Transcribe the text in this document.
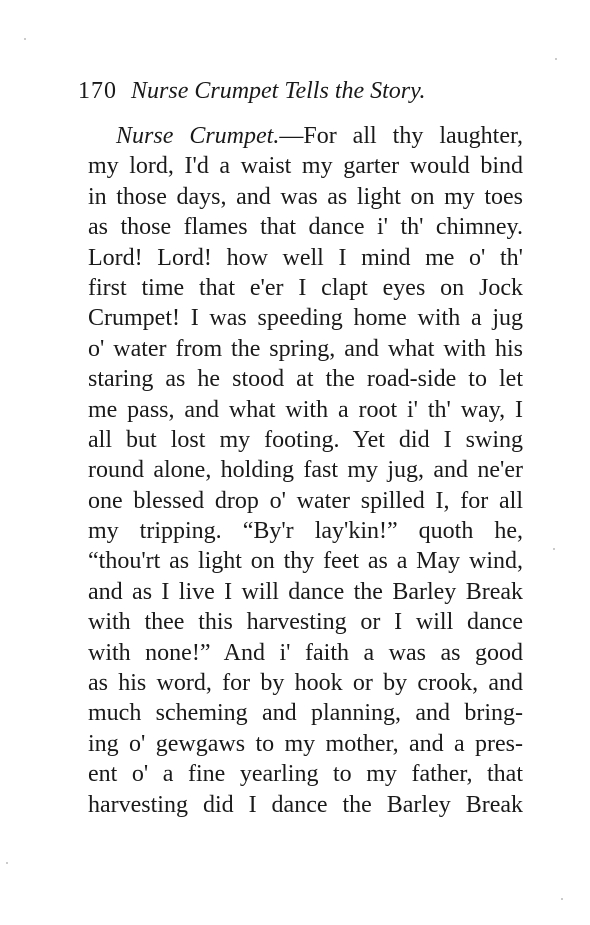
170 Nurse Crumpet Tells the Story.
Nurse Crumpet.—For all thy laughter,
my lord, I'd a waist my garter would bind
in those days, and was as light on my toes
as those flames that dance i' th' chimney.
Lord! Lord! how well I mind me o' th'
first time that e'er I clapt eyes on Jock
Crumpet! I was speeding home with a jug
o' water from the spring, and what with his
staring as he stood at the road-side to let
me pass, and what with a root i' th' way, I
all but lost my footing. Yet did I swing
round alone, holding fast my jug, and ne'er
one blessed drop o' water spilled I, for all
my tripping. “By'r lay'kin!” quoth he,
“thou'rt as light on thy feet as a May wind,
and as I live I will dance the Barley Break
with thee this harvesting or I will dance
with none!” And i' faith a was as good
as his word, for by hook or by crook, and
much scheming and planning, and bring-
ing o' gewgaws to my mother, and a pres-
ent o' a fine yearling to my father, that
harvesting did I dance the Barley Break
